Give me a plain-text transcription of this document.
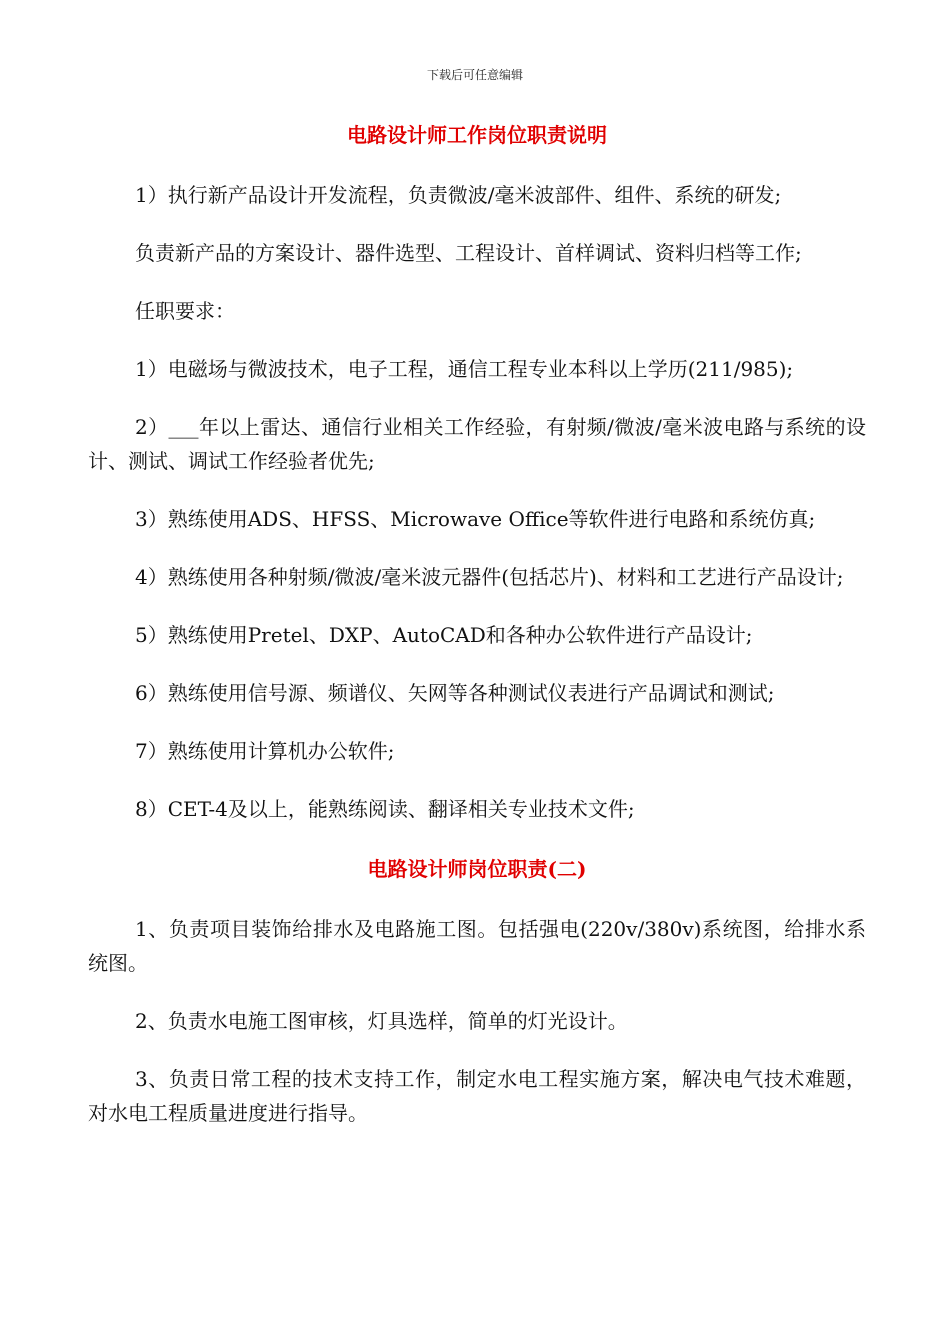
下载后可任意编辑
电路设计师工作岗位职责说明

1）执行新产品设计开发流程，负责微波/毫米波部件、组件、系统的研发;

负责新产品的方案设计、器件选型、工程设计、首样调试、资料归档等工作;

任职要求：

1）电磁场与微波技术，电子工程，通信工程专业本科以上学历(211/985);

2）___年以上雷达、通信行业相关工作经验，有射频/微波/毫米波电路与系统的设计、测试、调试工作经验者优先;

3）熟练使用ADS、HFSS、Microwave Office等软件进行电路和系统仿真;

4）熟练使用各种射频/微波/毫米波元器件(包括芯片)、材料和工艺进行产品设计;

5）熟练使用Pretel、DXP、AutoCAD和各种办公软件进行产品设计;

6）熟练使用信号源、频谱仪、矢网等各种测试仪表进行产品调试和测试;

7）熟练使用计算机办公软件;

8）CET-4及以上，能熟练阅读、翻译相关专业技术文件;

电路设计师岗位职责(二)

1、负责项目装饰给排水及电路施工图。包括强电(220v/380v)系统图，给排水系统图。

2、负责水电施工图审核，灯具选样，简单的灯光设计。

3、负责日常工程的技术支持工作，制定水电工程实施方案，解决电气技术难题，对水电工程质量进度进行指导。
